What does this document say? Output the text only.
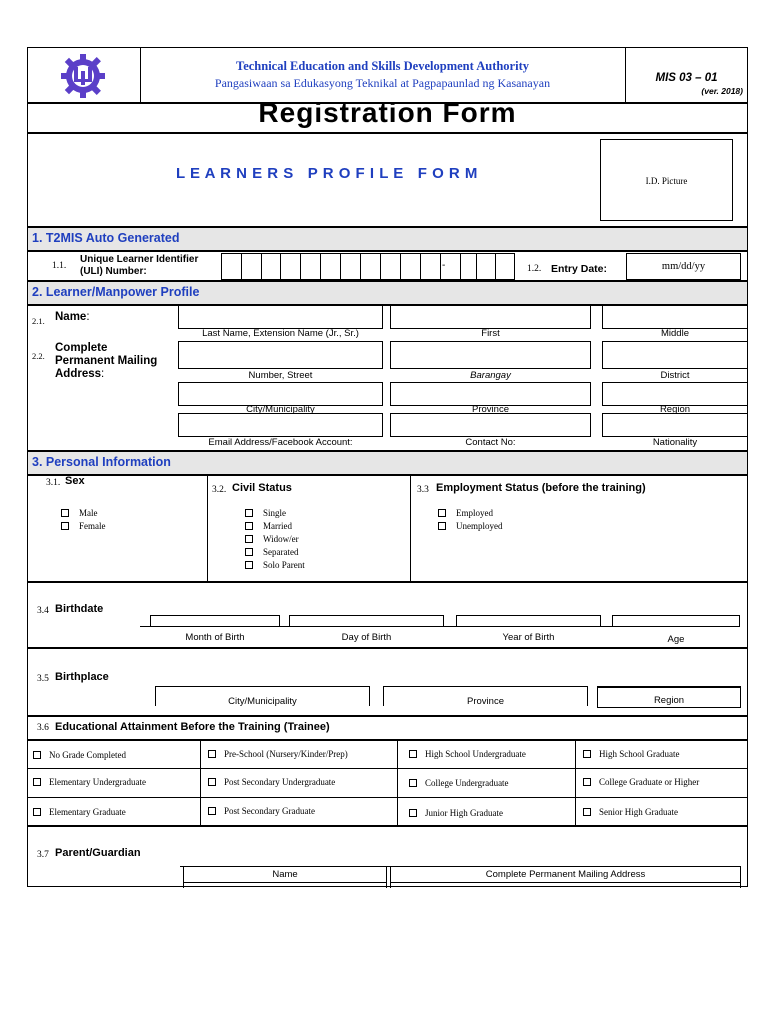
Technical Education and Skills Development Authority
Pangasiwaan sa Edukasyong Teknikal at Pagpapaunlad ng Kasanayan	MIS 03 – 01
(ver. 2018)
Registration Form
L E A R N E R S   P R O F I L E   F O R M	I.D. Picture
1. T2MIS Auto Generated
1.1.
Unique Learner Identifier
(ULI) Number:
-	1.2. Entry Date:	mm/dd/yy
2. Learner/Manpower Profile
2.1. Name:
Last Name, Extension Name (Jr., Sr.)	First	Middle
2.2.
Complete
Permanent Mailing
Address:	Number, Street	Barangay	District
City/Municipality	Province	Region
Email Address/Facebook Account:	Contact No:	Nationality
3. Personal Information
3.1. Sex
Male
Female
3.2. Civil Status
Single
Married
Widow/er
Separated
Solo Parent
3.3 Employment Status (before the training)
Employed
Unemployed
3.4 Birthdate
Month of Birth	Day of Birth	Year of Birth	Age
3.5 Birthplace
City/Municipality	Province	Region
3.6 Educational Attainment Before the Training (Trainee)
No Grade Completed	Pre-School (Nursery/Kinder/Prep)	High School Undergraduate	High School Graduate
Elementary Undergraduate	Post Secondary Undergraduate	College Undergraduate	College Graduate or Higher
Elementary Graduate	Post Secondary Graduate	Junior High Graduate	Senior High Graduate
3.7 Parent/Guardian
Name	Complete Permanent Mailing Address
